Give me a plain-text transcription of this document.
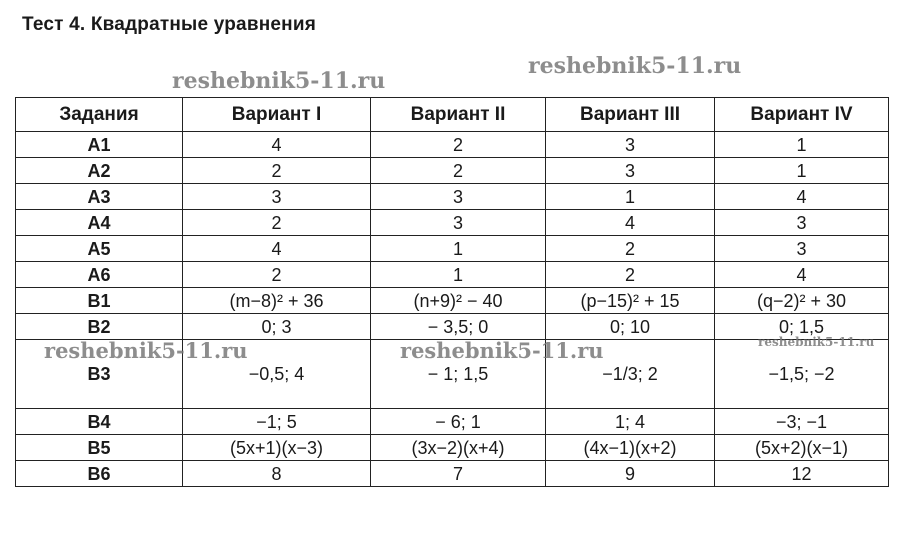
Тест 4. Квадратные уравнения
Задания	Вариант I	Вариант II	Вариант III	Вариант IV
A1	4	2	3	1
A2	2	2	3	1
A3	3	3	1	4
A4	2	3	4	3
A5	4	1	2	3
A6	2	1	2	4
B1	(m−8)² + 36	(n+9)² − 40	(p−15)² + 15	(q−2)² + 30
B2	0; 3	− 3,5; 0	0; 10	0; 1,5
B3	−0,5; 4	− 1; 1,5	−1/3; 2	−1,5; −2
B4	−1; 5	− 6; 1	1; 4	−3; −1
B5	(5x+1)(x−3)	(3x−2)(x+4)	(4x−1)(x+2)	(5x+2)(x−1)
B6	8	7	9	12
reshebnik5-11.ru
reshebnik5-11.ru
reshebnik5-11.ru	reshebnik5-11.ru	reshebnik5-11.ru
